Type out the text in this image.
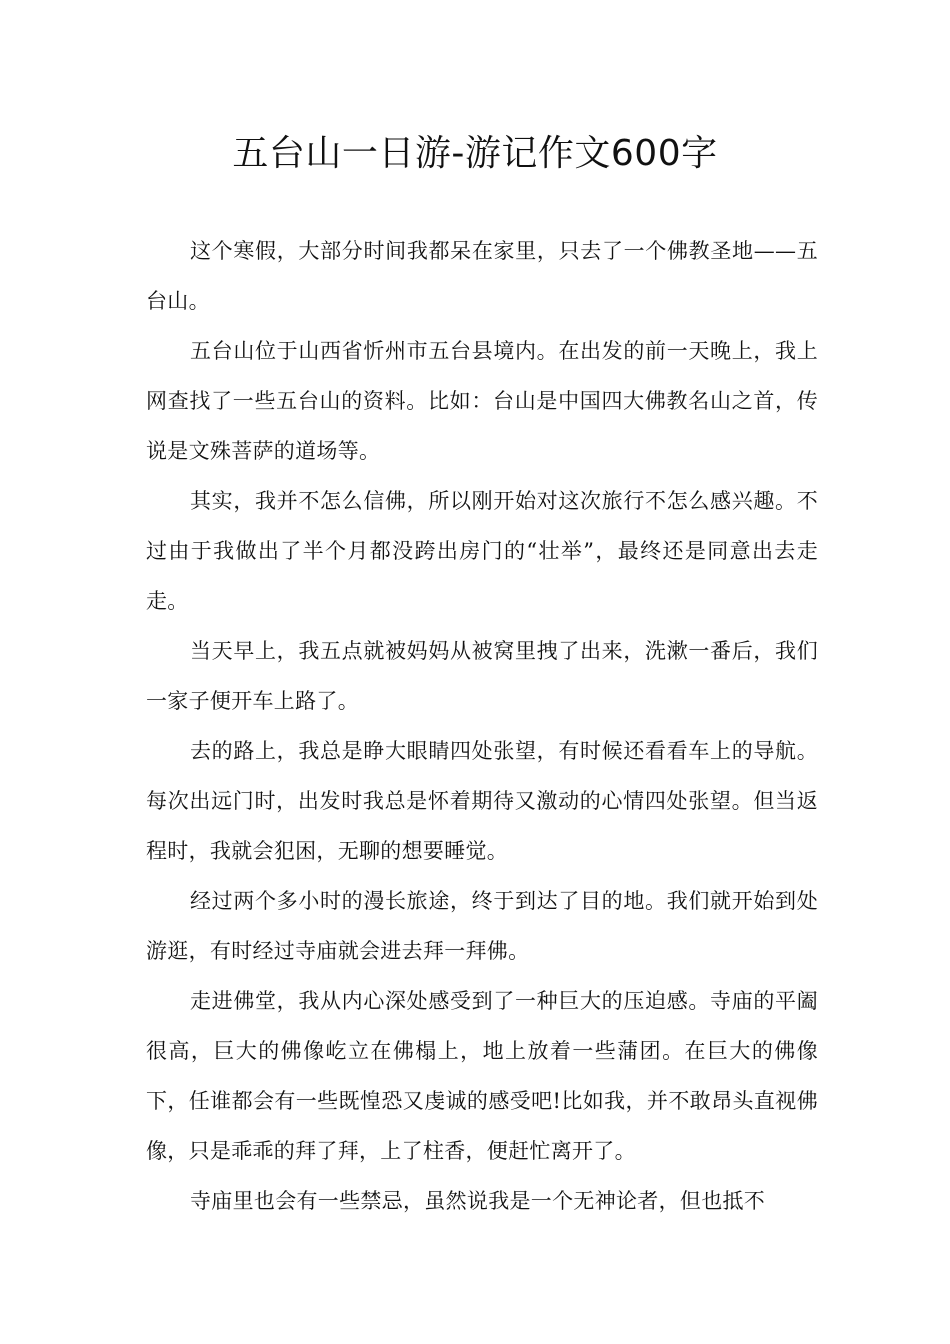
五台山一日游-游记作文600字

这个寒假，大部分时间我都呆在家里，只去了一个佛教圣地——五台山。

五台山位于山西省忻州市五台县境内。在出发的前一天晚上，我上网查找了一些五台山的资料。比如：台山是中国四大佛教名山之首，传说是文殊菩萨的道场等。

其实，我并不怎么信佛，所以刚开始对这次旅行不怎么感兴趣。不过由于我做出了半个月都没跨出房门的“壮举”，最终还是同意出去走走。

当天早上，我五点就被妈妈从被窝里拽了出来，洗漱一番后，我们一家子便开车上路了。

去的路上，我总是睁大眼睛四处张望，有时候还看看车上的导航。每次出远门时，出发时我总是怀着期待又激动的心情四处张望。但当返程时，我就会犯困，无聊的想要睡觉。

经过两个多小时的漫长旅途，终于到达了目的地。我们就开始到处游逛，有时经过寺庙就会进去拜一拜佛。

走进佛堂，我从内心深处感受到了一种巨大的压迫感。寺庙的平阖很高，巨大的佛像屹立在佛榻上，地上放着一些蒲团。在巨大的佛像下，任谁都会有一些既惶恐又虔诚的感受吧!比如我，并不敢昂头直视佛像，只是乖乖的拜了拜，上了柱香，便赶忙离开了。

寺庙里也会有一些禁忌，虽然说我是一个无神论者，但也抵不
